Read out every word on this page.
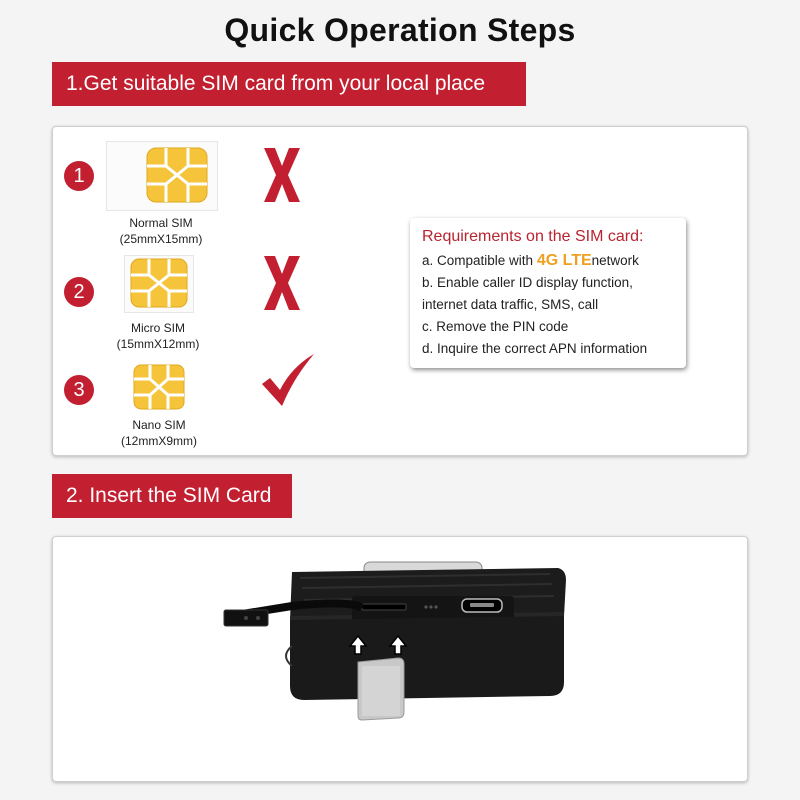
Quick Operation Steps
1.Get suitable SIM card from your local place
1
Normal SIM
(25mmX15mm)
2
Micro SIM
(15mmX12mm)
3
Nano SIM
(12mmX9mm)
Requirements on the SIM card:
a. Compatible with 4G LTEnetwork
b. Enable caller ID display function,
internet data traffic, SMS, call
c. Remove the PIN code
d. Inquire the correct APN information
2. Insert the SIM Card
